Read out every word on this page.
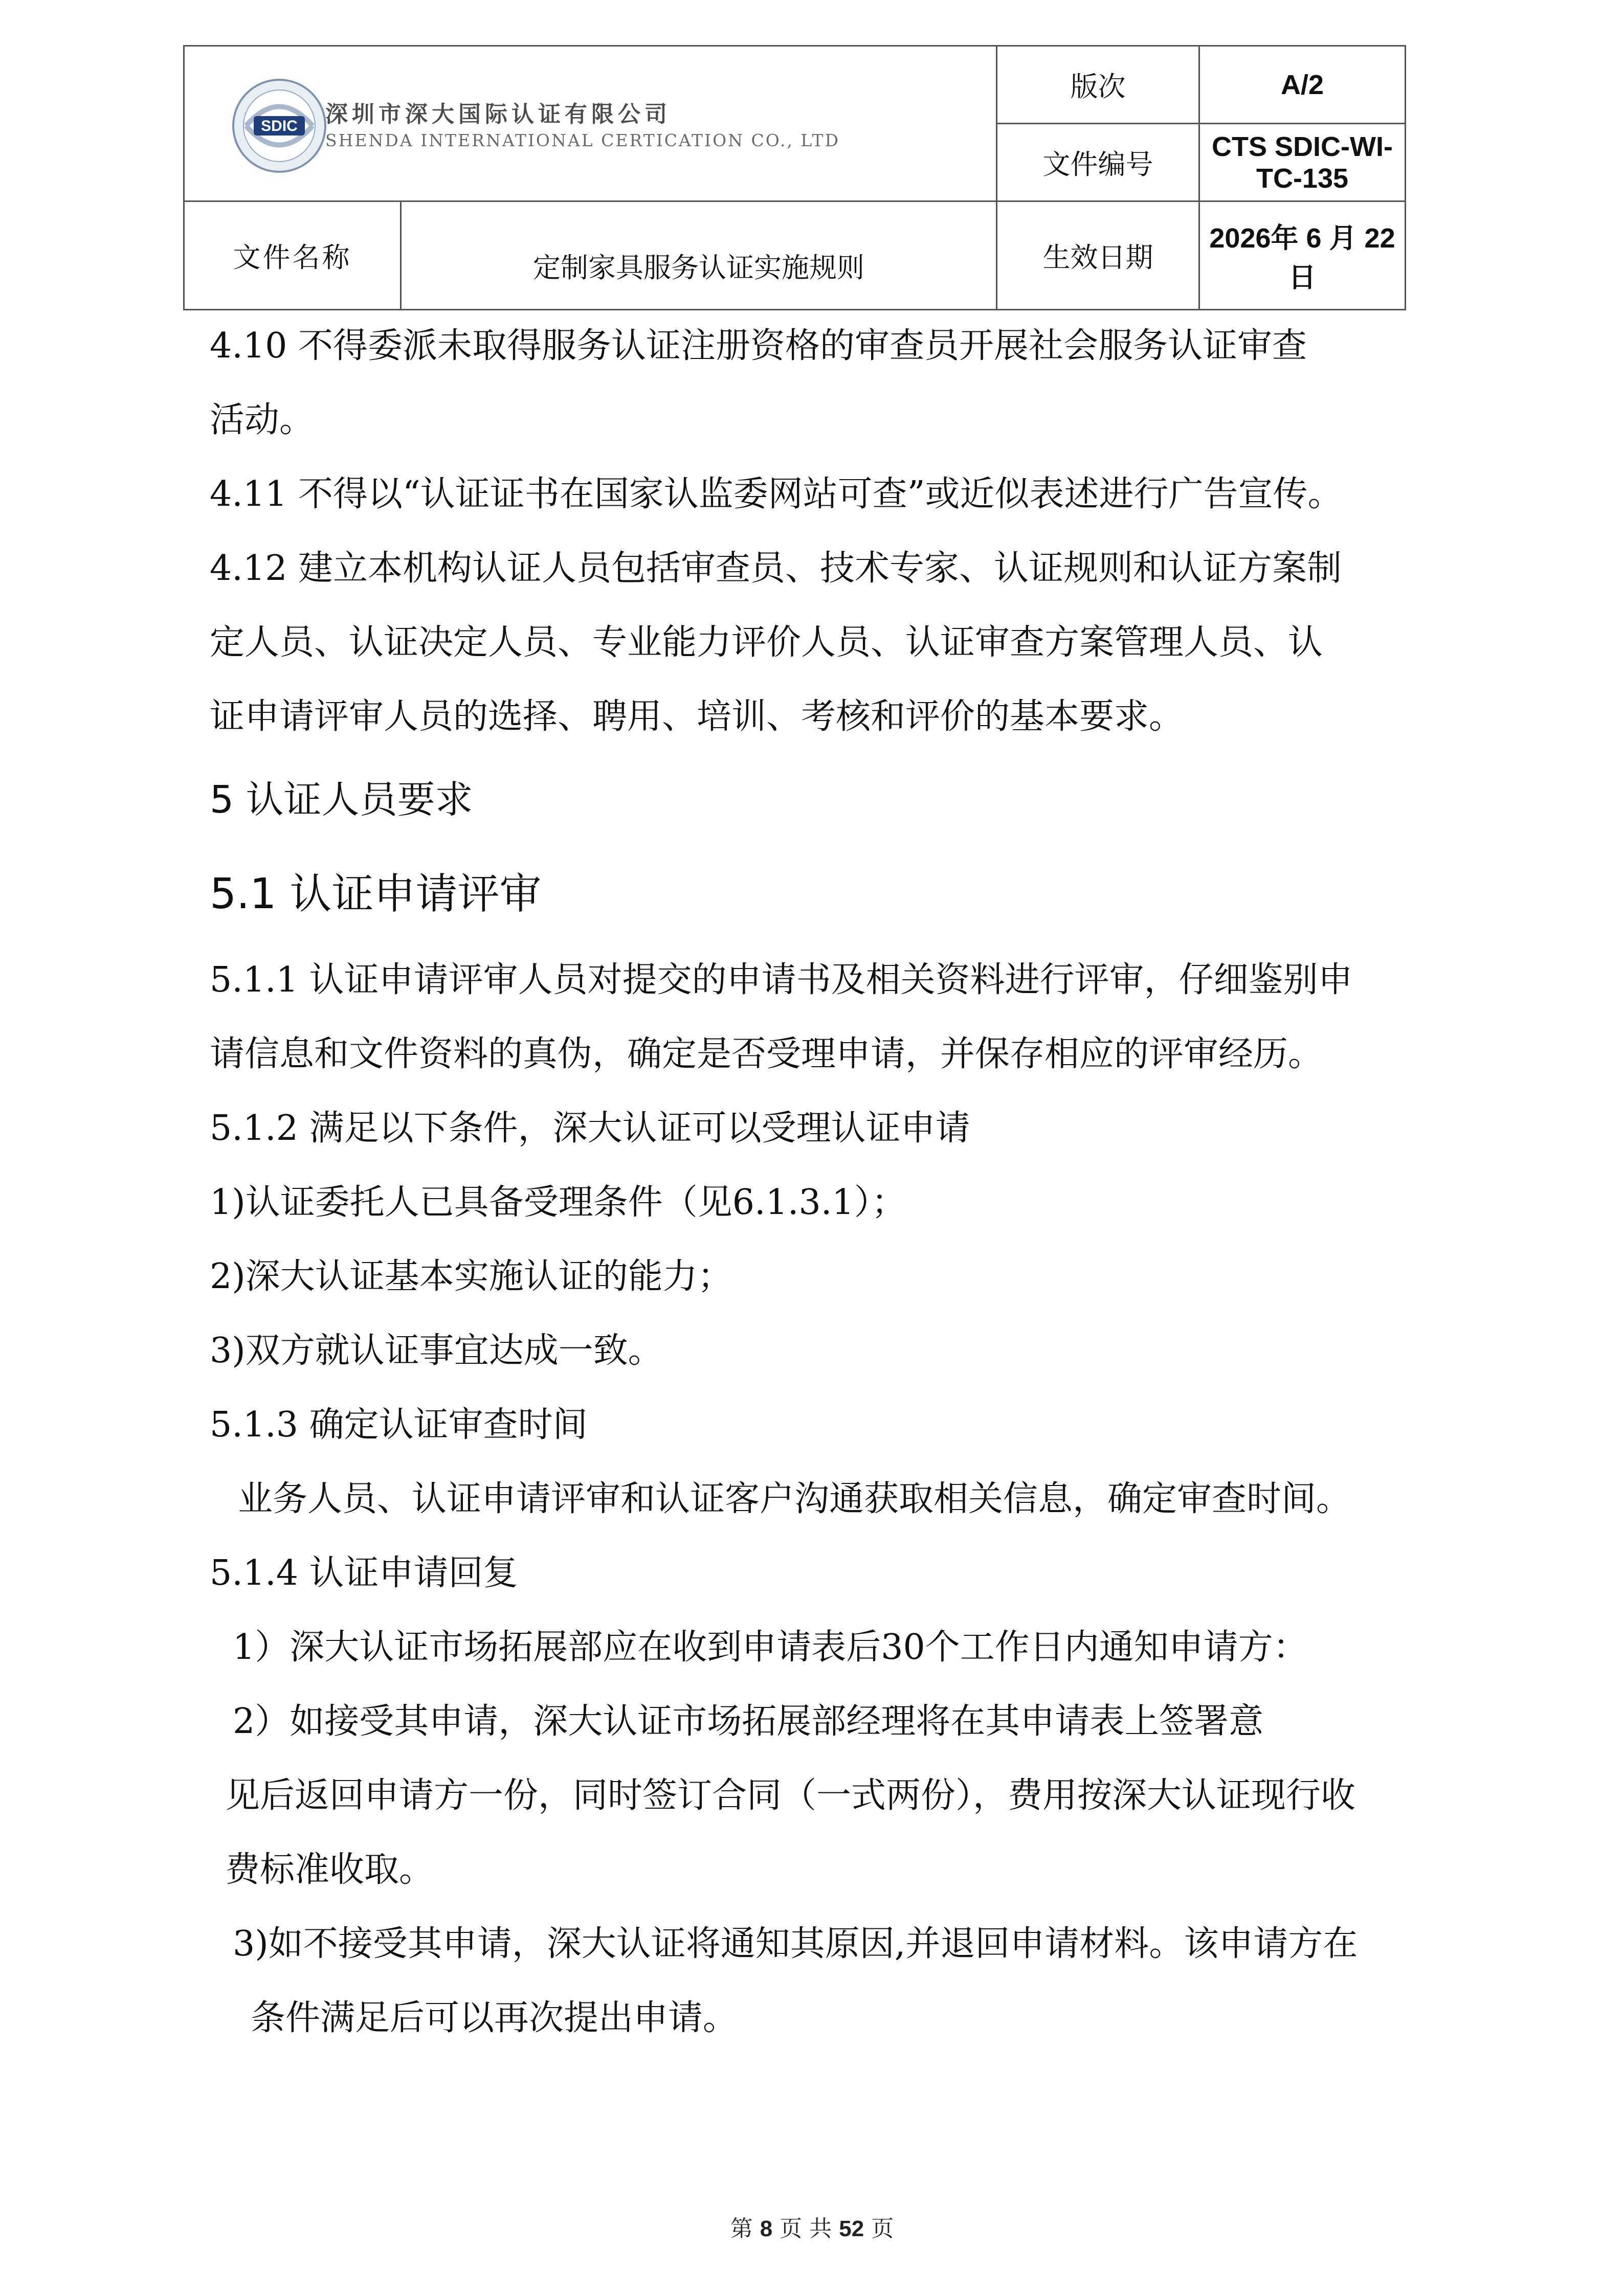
SDIC 深圳市深大国际认证有限公司
SHENDA INTERNATIONAL CERTICATION CO., LTD		版次	A/2
		文件编号	CTS SDIC-WI-TC-135
文件名称	定制家具服务认证实施规则	生效日期	2026年 6 月 22 日

4.10 不得委派未取得服务认证注册资格的审查员开展社会服务认证审查

活动。

4.11 不得以“认证证书在国家认监委网站可查”或近似表述进行广告宣传。

4.12 建立本机构认证人员包括审查员、技术专家、认证规则和认证方案制

定人员、认证决定人员、专业能力评价人员、认证审查方案管理人员、认

证申请评审人员的选择、聘用、培训、考核和评价的基本要求。

5 认证人员要求

5.1 认证申请评审

5.1.1 认证申请评审人员对提交的申请书及相关资料进行评审，仔细鉴别申

请信息和文件资料的真伪，确定是否受理申请，并保存相应的评审经历。

5.1.2 满足以下条件，深大认证可以受理认证申请

1)认证委托人已具备受理条件（见6.1.3.1）；

2)深大认证基本实施认证的能力；

3)双方就认证事宜达成一致。

5.1.3 确定认证审查时间

业务人员、认证申请评审和认证客户沟通获取相关信息，确定审查时间。

5.1.4 认证申请回复

1）深大认证市场拓展部应在收到申请表后30个工作日内通知申请方：

2）如接受其申请，深大认证市场拓展部经理将在其申请表上签署意

见后返回申请方一份，同时签订合同（一式两份），费用按深大认证现行收

费标准收取。

3)如不接受其申请，深大认证将通知其原因,并退回申请材料。该申请方在

条件满足后可以再次提出申请。

第 8 页 共 52 页
